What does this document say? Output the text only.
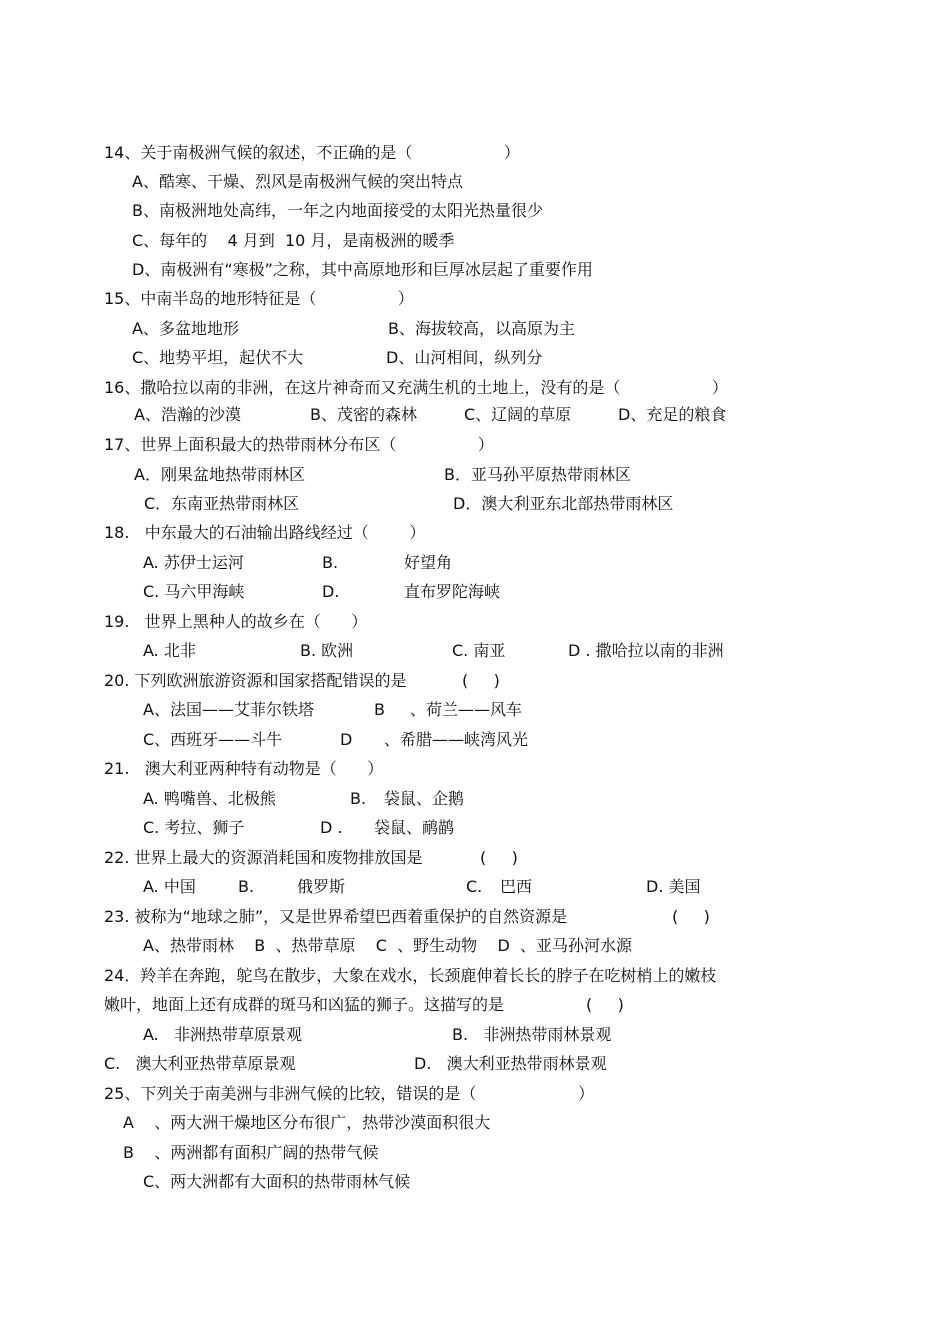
14、关于南极洲气候的叙述，不正确的是（                  ）
A、酷寒、干燥、烈风是南极洲气候的突出特点
B、南极洲地处高纬，一年之内地面接受的太阳光热量很少
C、每年的    4 月到  10 月，是南极洲的暖季
D、南极洲有“寒极”之称，其中高原地形和巨厚冰层起了重要作用
15、中南半岛的地形特征是（                ）
A、多盆地地形	B、海拔较高，以高原为主
C、地势平坦，起伏不大	D、山河相间，纵列分
16、撒哈拉以南的非洲，在这片神奇而又充满生机的土地上，没有的是（                  ）
A、浩瀚的沙漠	B、茂密的森林	C、辽阔的草原	D、充足的粮食
17、世界上面积最大的热带雨林分布区（                ）
A．刚果盆地热带雨林区	B．亚马孙平原热带雨林区
C．东南亚热带雨林区	D．澳大利亚东北部热带雨林区
18.   中东最大的石油输出路线经过（        ）
A. 苏伊士运河	B.	好望角
C. 马六甲海峡	D.	直布罗陀海峡
19.   世界上黑种人的故乡在（      ）
A. 北非	B. 欧洲	C. 南亚	D . 撒哈拉以南的非洲
20. 下列欧洲旅游资源和国家搭配错误的是	(     )
A、法国——艾菲尔铁塔	B 、荷兰——风车
C、西班牙——斗牛	D 、希腊——峡湾风光
21.   澳大利亚两种特有动物是（      ）
A. 鸭嘴兽、北极熊	B. 袋鼠、企鹅
C. 考拉、狮子	D . 袋鼠、鸸鹋
22. 世界上最大的资源消耗国和废物排放国是	(     )
A. 中国	B.	俄罗斯	C. 巴西	D. 美国
23. 被称为“地球之肺”，又是世界希望巴西着重保护的自然资源是	(     )
A、热带雨林    B  、热带草原    C  、野生动物    D  、亚马孙河水源
24．羚羊在奔跑，鸵鸟在散步，大象在戏水，长颈鹿伸着长长的脖子在吃树梢上的嫩枝
嫩叶，地面上还有成群的斑马和凶猛的狮子。这描写的是	(     )
A.   非洲热带草原景观	B.   非洲热带雨林景观
C.   澳大利亚热带草原景观	D.   澳大利亚热带雨林景观
25、下列关于南美洲与非洲气候的比较，错误的是（                    ）
A    、两大洲干燥地区分布很广，热带沙漠面积很大
B    、两洲都有面积广阔的热带气候
C、两大洲都有大面积的热带雨林气候
